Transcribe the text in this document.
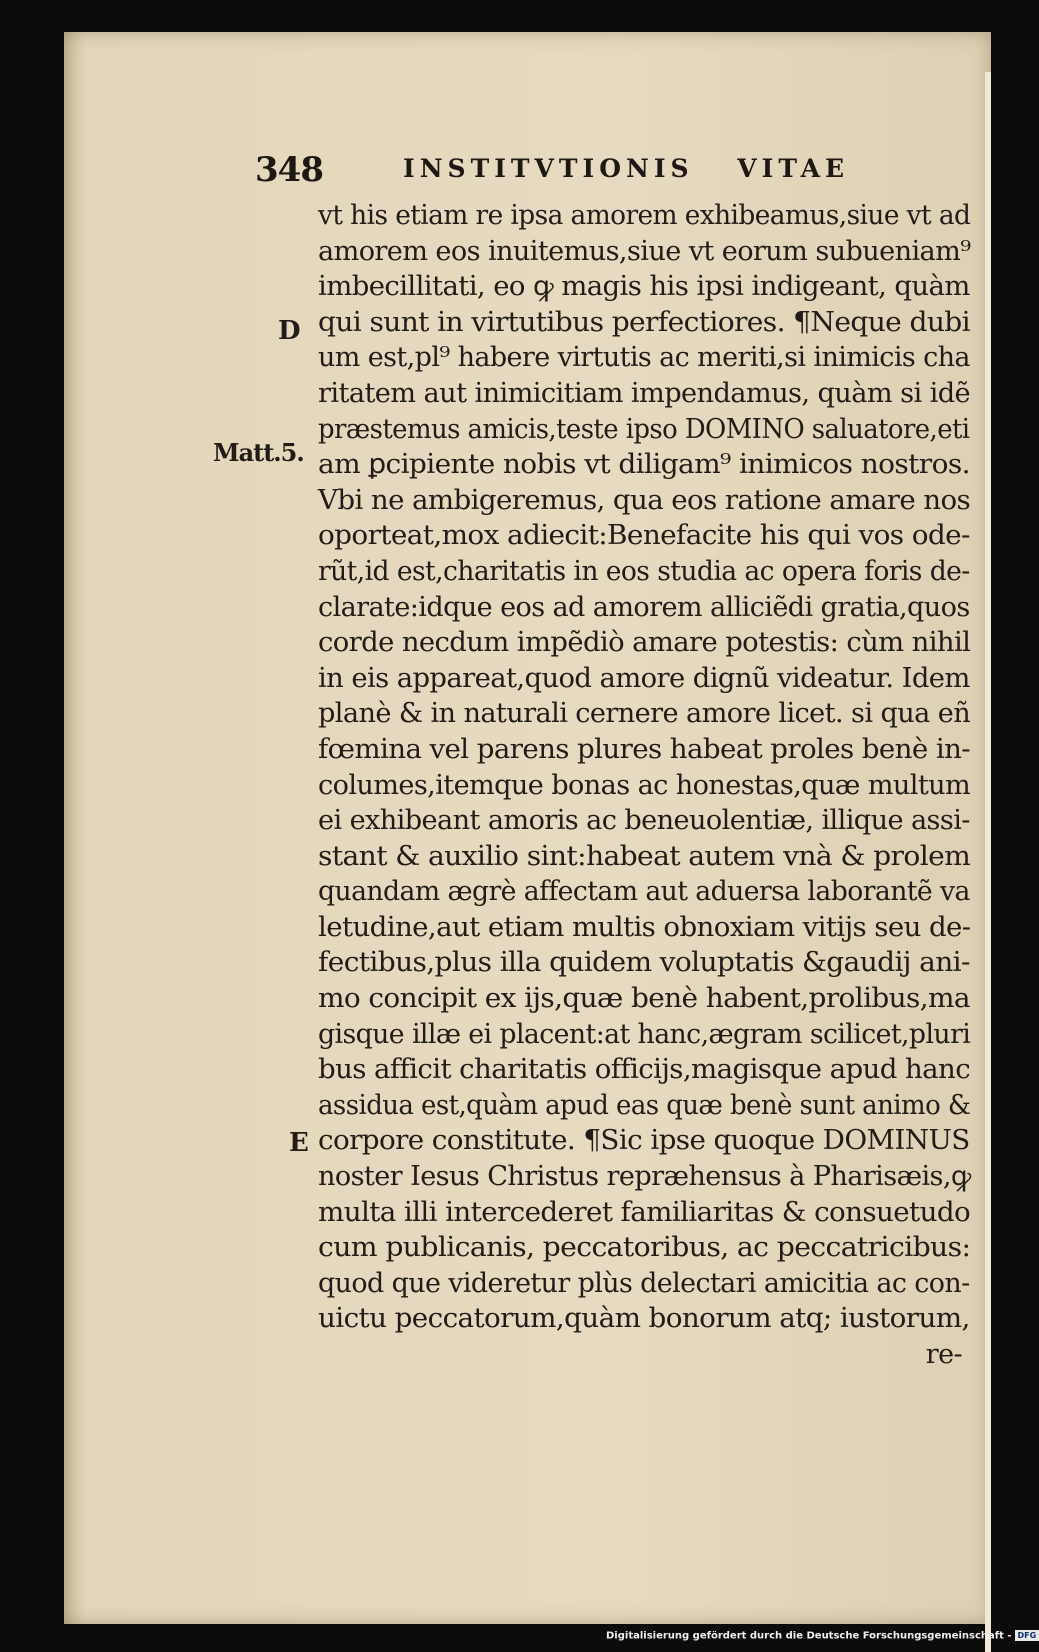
348	INSTITVTIONIS VITAE
D
Matt.5.
E
vt his etiam re ipsa amorem exhibeamus,siue vt ad
amorem eos inuitemus,siue vt eorum subueniam⁹
imbecillitati, eo ꝙ magis his ipsi indigeant, quàm
qui sunt in virtutibus perfectiores. ¶Neque dubi
um est,pl⁹ habere virtutis ac meriti,si inimicis cha
ritatem aut inimicitiam impendamus, quàm si idẽ
præstemus amicis,teste ipso DOMINO saluatore,eti
am ꝑcipiente nobis vt diligam⁹ inimicos nostros.
Vbi ne ambigeremus, qua eos ratione amare nos
oporteat,mox adiecit:Benefacite his qui vos ode-
rũt,id est,charitatis in eos studia ac opera foris de-
clarate:idque eos ad amorem alliciẽdi gratia,quos
corde necdum impẽdiò amare potestis: cùm nihil
in eis appareat,quod amore dignũ videatur. Idem
planè & in naturali cernere amore licet. si qua eñ
fœmina vel parens plures habeat proles benè in-
columes,itemque bonas ac honestas,quæ multum
ei exhibeant amoris ac beneuolentiæ, illique assi-
stant & auxilio sint:habeat autem vnà & prolem
quandam ægrè affectam aut aduersa laborantẽ va
letudine,aut etiam multis obnoxiam vitijs seu de-
fectibus,plus illa quidem voluptatis &gaudij ani-
mo concipit ex ijs,quæ benè habent,prolibus,ma
gisque illæ ei placent:at hanc,ægram scilicet,pluri
bus afficit charitatis officijs,magisque apud hanc
assidua est,quàm apud eas quæ benè sunt animo &
corpore constitute. ¶Sic ipse quoque DOMINUS
noster Iesus Christus repræhensus à Pharisæis,ꝙ
multa illi intercederet familiaritas & consuetudo
cum publicanis, peccatoribus, ac peccatricibus:
quod que videretur plùs delectari amicitia ac con-
uictu peccatorum,quàm bonorum atq; iustorum,
re-
Digitalisierung gefördert durch die Deutsche Forschungsgemeinschaft - DFG
